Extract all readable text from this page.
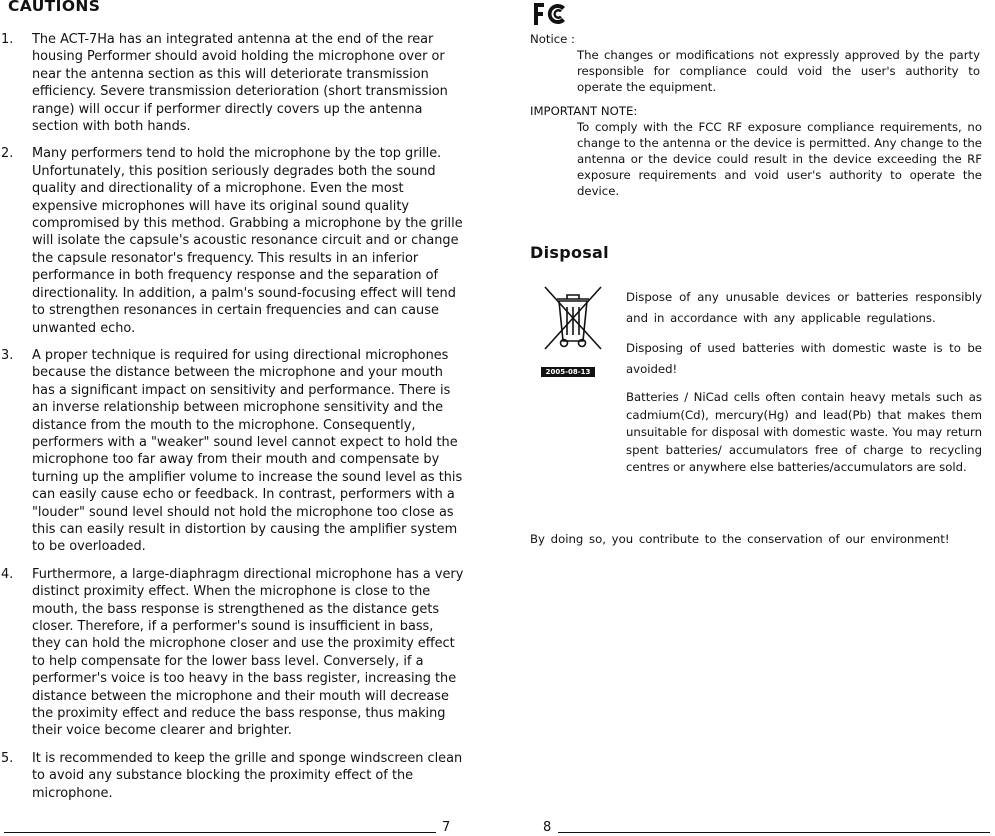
CAUTIONS
1.	The ACT-7Ha has an integrated antenna at the end of the rear housing Performer should avoid holding the microphone over or near the antenna section as this will deteriorate transmission efficiency. Severe transmission deterioration (short transmission range) will occur if performer directly covers up the antenna section with both hands.
2.	Many performers tend to hold the microphone by the top grille. Unfortunately, this position seriously degrades both the sound quality and directionality of a microphone. Even the most expensive microphones will have its original sound quality compromised by this method. Grabbing a microphone by the grille will isolate the capsule's acoustic resonance circuit and or change the capsule resonator's frequency. This results in an inferior performance in both frequency response and the separation of directionality. In addition, a palm's sound-focusing effect will tend to strengthen resonances in certain frequencies and can cause unwanted echo.
3.	A proper technique is required for using directional microphones because the distance between the microphone and your mouth has a significant impact on sensitivity and performance. There is an inverse relationship between microphone sensitivity and the distance from the mouth to the microphone. Consequently, performers with a "weaker" sound level cannot expect to hold the microphone too far away from their mouth and compensate by turning up the amplifier volume to increase the sound level as this can easily cause echo or feedback. In contrast, performers with a "louder" sound level should not hold the microphone too close as this can easily result in distortion by causing the amplifier system to be overloaded.
4.	Furthermore, a large-diaphragm directional microphone has a very distinct proximity effect. When the microphone is close to the mouth, the bass response is strengthened as the distance gets closer. Therefore, if a performer's sound is insufficient in bass, they can hold the microphone closer and use the proximity effect to help compensate for the lower bass level. Conversely, if a performer's voice is too heavy in the bass register, increasing the distance between the microphone and their mouth will decrease the proximity effect and reduce the bass response, thus making their voice become clearer and brighter.
5.	It is recommended to keep the grille and sponge windscreen clean to avoid any substance blocking the proximity effect of the microphone.
7

Notice :

The changes or modifications not expressly approved by the party responsible for compliance could void the user's authority to operate the equipment.

IMPORTANT NOTE:

To comply with the FCC RF exposure compliance requirements, no change to the antenna or the device is permitted. Any change to the antenna or the device could result in the device exceeding the RF exposure requirements and void user's authority to operate the device.

Disposal
2005-08-13

Dispose of any unusable devices or batteries responsibly and in accordance with any applicable regulations.

Disposing of used batteries with domestic waste is to be avoided!

Batteries / NiCad cells often contain heavy metals such as cadmium(Cd), mercury(Hg) and lead(Pb) that makes them unsuitable for disposal with domestic waste. You may return spent batteries/ accumulators free of charge to recycling centres or anywhere else batteries/accumulators are sold.

By doing so, you contribute to the conservation of our environment!
8
